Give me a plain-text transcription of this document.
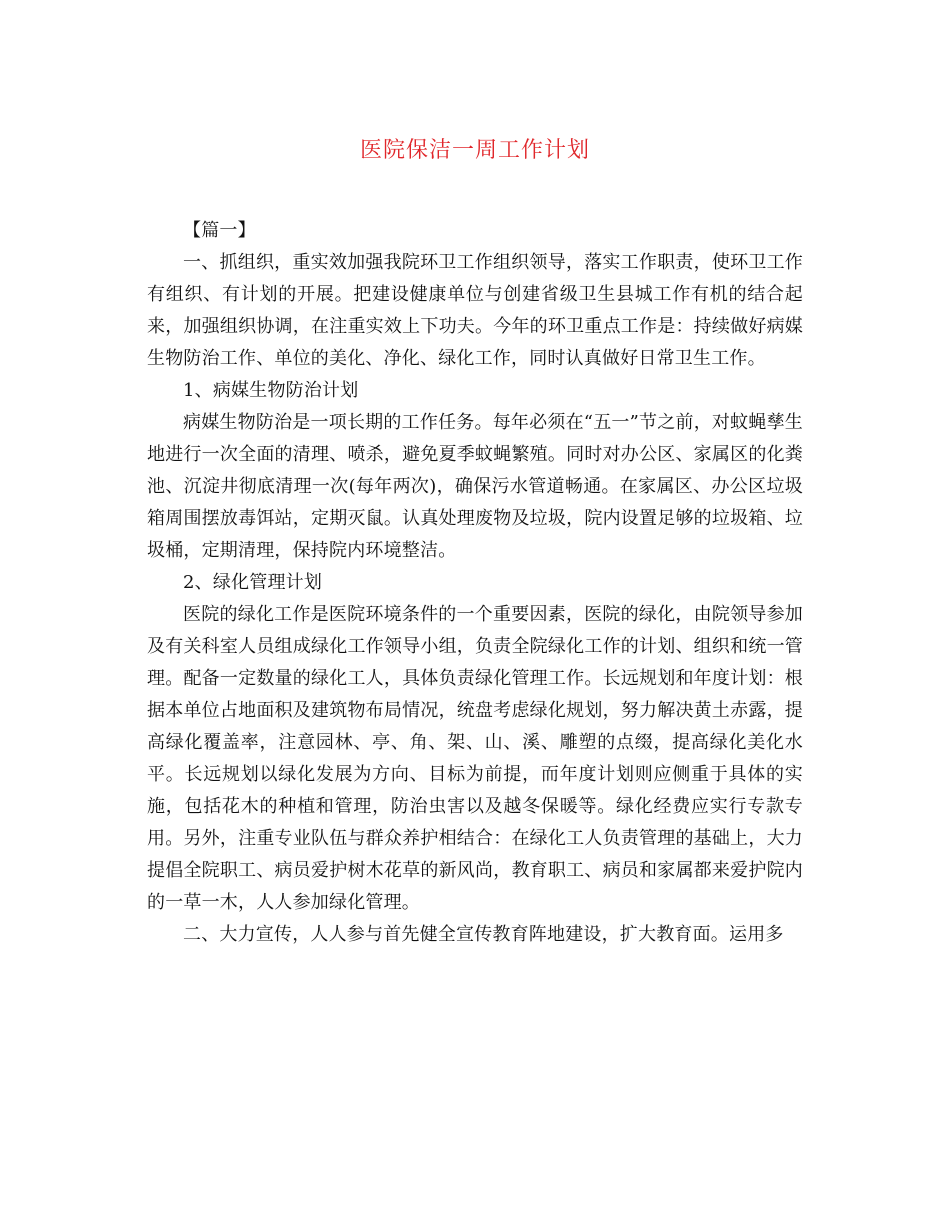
医院保洁一周工作计划

【篇一】

一、抓组织，重实效加强我院环卫工作组织领导，落实工作职责，使环卫工作有组织、有计划的开展。把建设健康单位与创建省级卫生县城工作有机的结合起来，加强组织协调，在注重实效上下功夫。今年的环卫重点工作是：持续做好病媒生物防治工作、单位的美化、净化、绿化工作，同时认真做好日常卫生工作。

1、病媒生物防治计划

病媒生物防治是一项长期的工作任务。每年必须在“五一”节之前，对蚊蝇孳生地进行一次全面的清理、喷杀，避免夏季蚊蝇繁殖。同时对办公区、家属区的化粪池、沉淀井彻底清理一次(每年两次)，确保污水管道畅通。在家属区、办公区垃圾箱周围摆放毒饵站，定期灭鼠。认真处理废物及垃圾，院内设置足够的垃圾箱、垃圾桶，定期清理，保持院内环境整洁。

2、绿化管理计划

医院的绿化工作是医院环境条件的一个重要因素，医院的绿化，由院领导参加及有关科室人员组成绿化工作领导小组，负责全院绿化工作的计划、组织和统一管理。配备一定数量的绿化工人，具体负责绿化管理工作。长远规划和年度计划：根据本单位占地面积及建筑物布局情况，统盘考虑绿化规划，努力解决黄土赤露，提高绿化覆盖率，注意园林、亭、角、架、山、溪、雕塑的点缀，提高绿化美化水平。长远规划以绿化发展为方向、目标为前提，而年度计划则应侧重于具体的实施，包括花木的种植和管理，防治虫害以及越冬保暖等。绿化经费应实行专款专用。另外，注重专业队伍与群众养护相结合：在绿化工人负责管理的基础上，大力提倡全院职工、病员爱护树木花草的新风尚，教育职工、病员和家属都来爱护院内的一草一木，人人参加绿化管理。

二、大力宣传，人人参与首先健全宣传教育阵地建设，扩大教育面。运用多
